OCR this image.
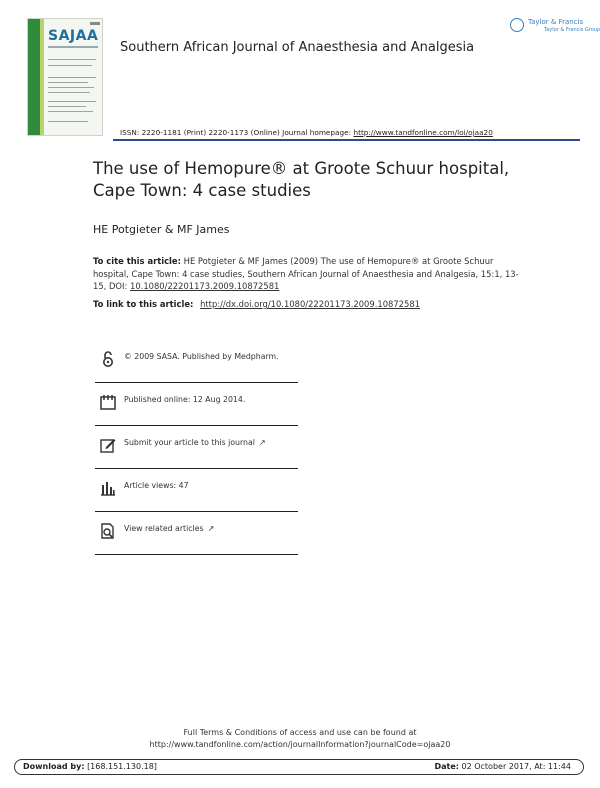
SAJAA
Southern African Journal of Anaesthesia and Analgesia
Taylor & Francis
Taylor & Francis Group
ISSN: 2220-1181 (Print) 2220-1173 (Online) Journal homepage: http://www.tandfonline.com/loi/ojaa20
The use of Hemopure® at Groote Schuur hospital, Cape Town: 4 case studies
HE Potgieter & MF James
To cite this article: HE Potgieter & MF James (2009) The use of Hemopure® at Groote Schuur hospital, Cape Town: 4 case studies, Southern African Journal of Anaesthesia and Analgesia, 15:1, 13-15, DOI: 10.1080/22201173.2009.10872581
To link to this article: http://dx.doi.org/10.1080/22201173.2009.10872581
© 2009 SASA. Published by Medpharm.
Published online: 12 Aug 2014.
Submit your article to this journal ↗
Article views: 47
View related articles ↗
Full Terms & Conditions of access and use can be found at
http://www.tandfonline.com/action/journalInformation?journalCode=ojaa20
Download by: [168.151.130.18]	Date: 02 October 2017, At: 11:44
